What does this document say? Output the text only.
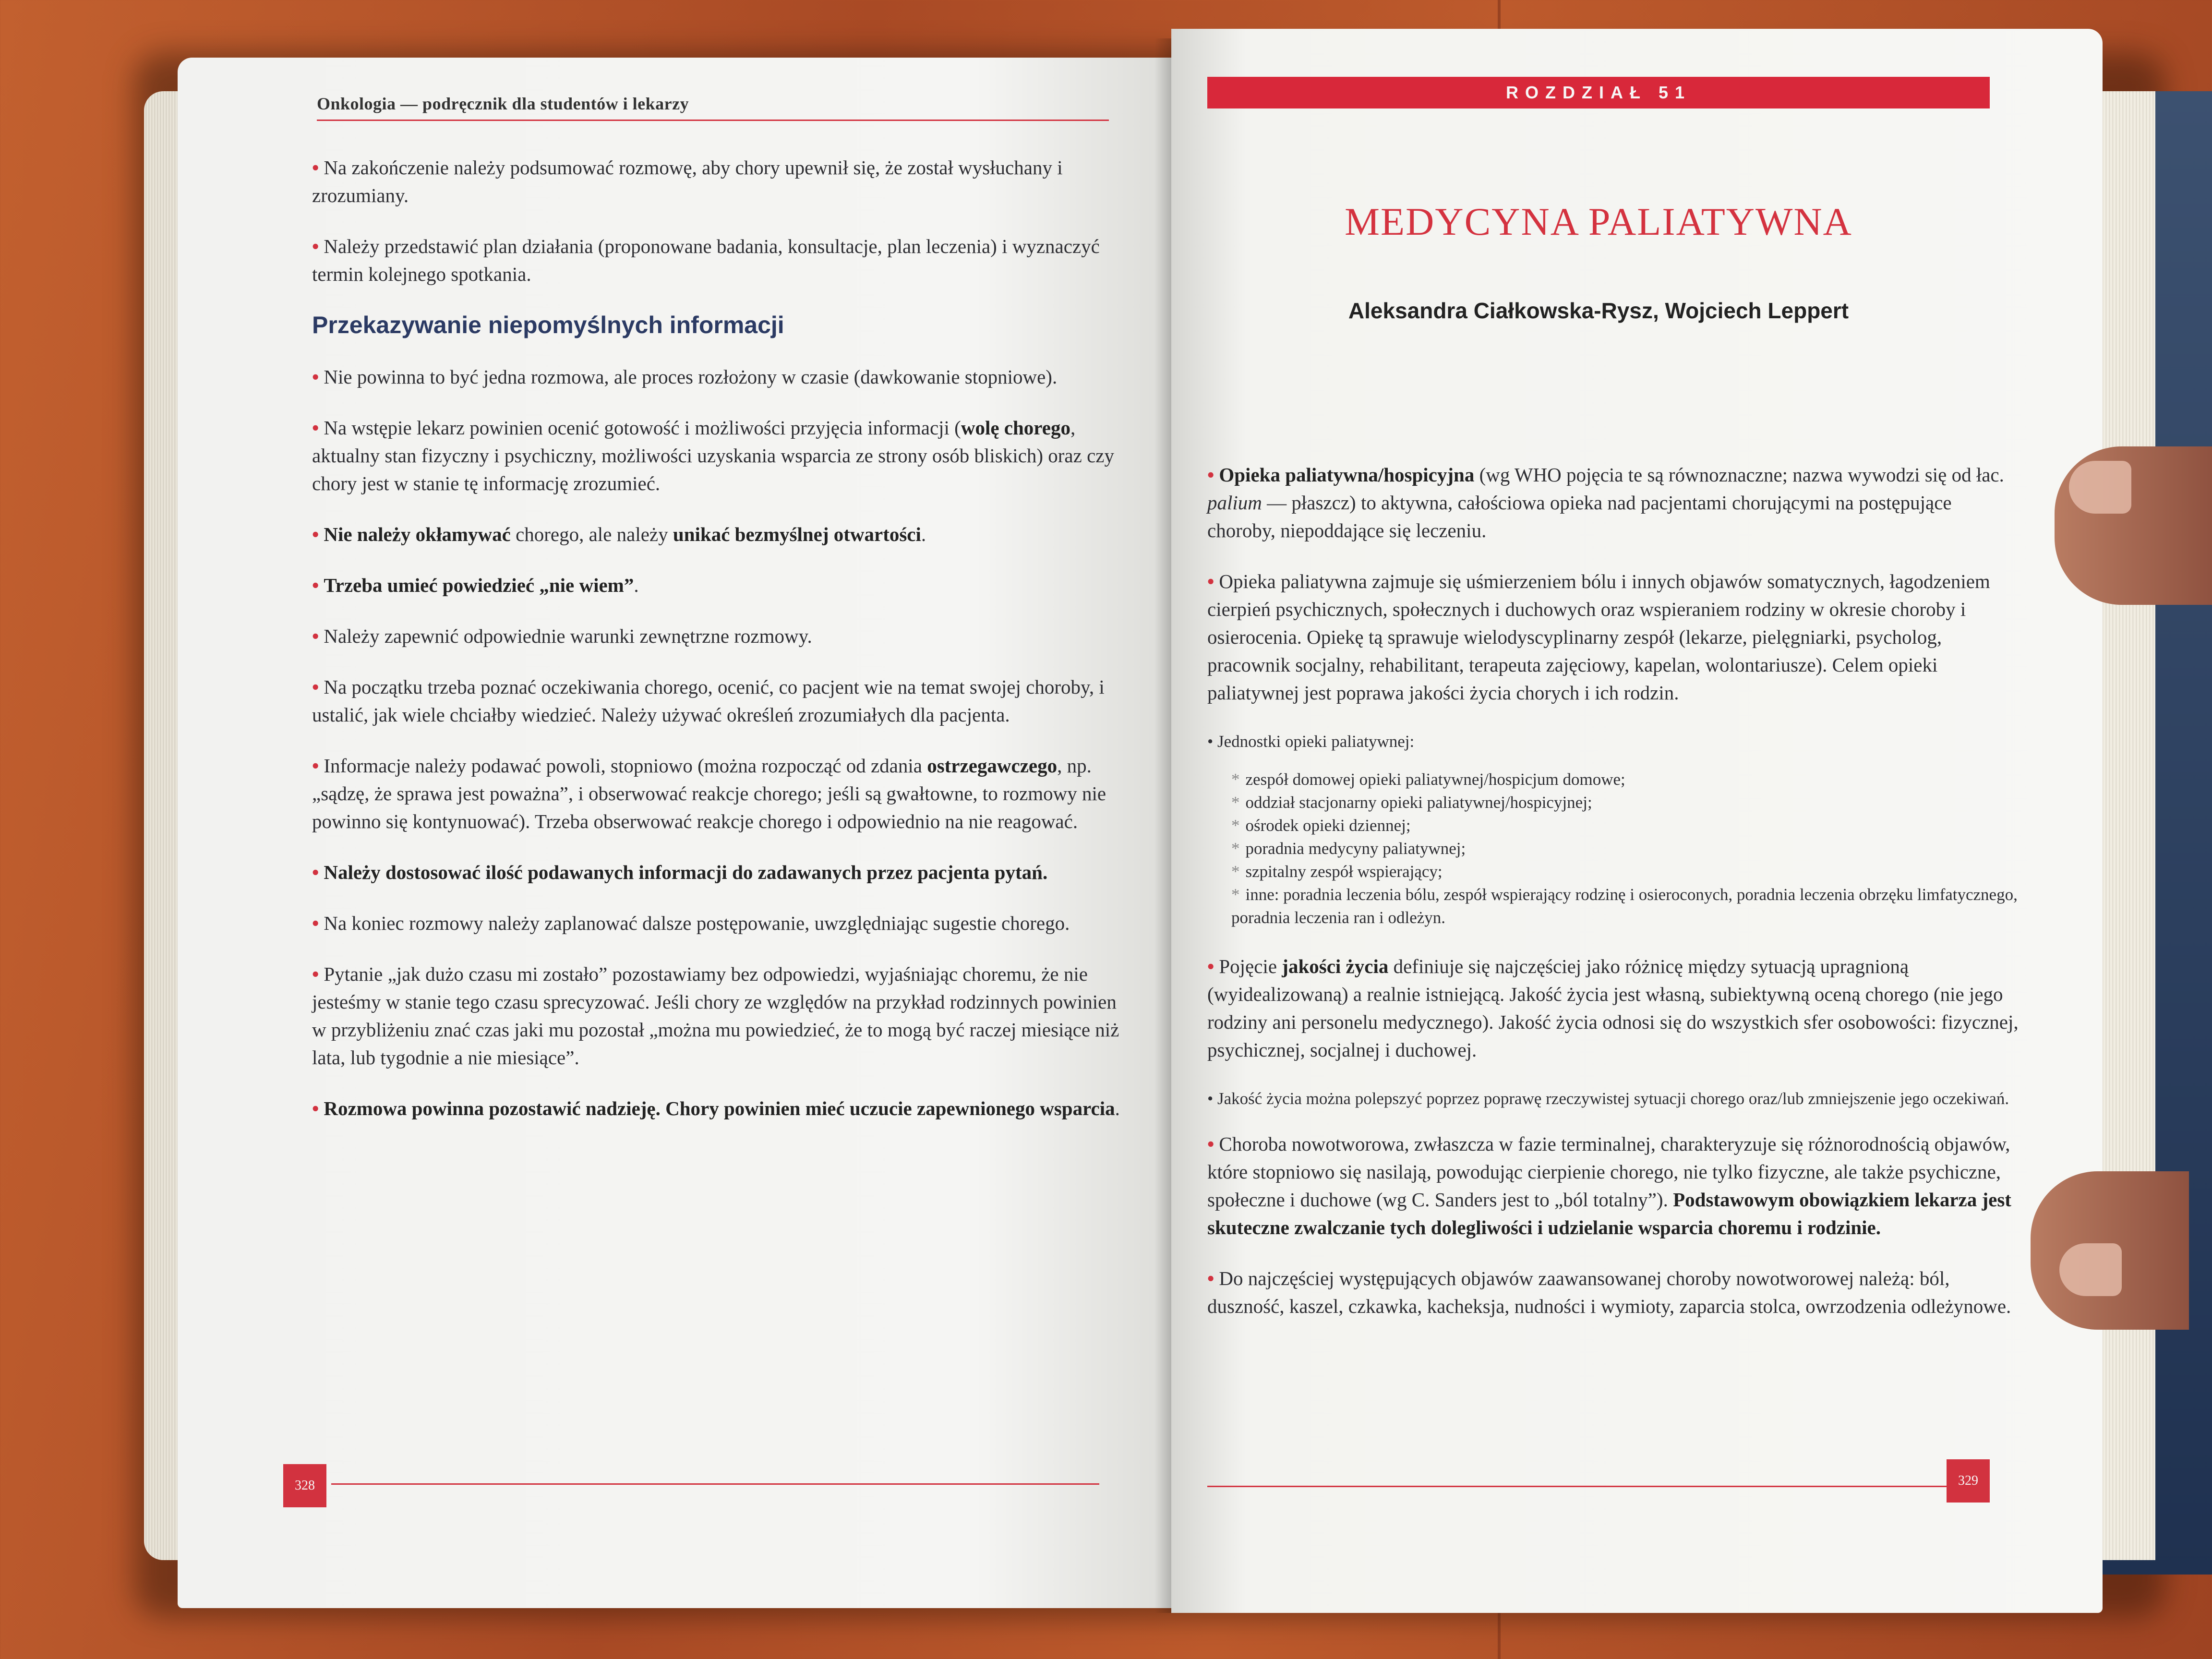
Onkologia — podręcznik dla studentów i lekarzy

• Na zakończenie należy podsumować rozmowę, aby chory upewnił się, że został wysłuchany i zrozumiany.

• Należy przedstawić plan działania (proponowane badania, konsultacje, plan leczenia) i wyznaczyć termin kolejnego spotkania.

Przekazywanie niepomyślnych informacji

• Nie powinna to być jedna rozmowa, ale proces rozłożony w czasie (dawkowanie stopniowe).

• Na wstępie lekarz powinien ocenić gotowość i możliwości przyjęcia informacji (wolę chorego, aktualny stan fizyczny i psychiczny, możliwości uzyskania wsparcia ze strony osób bliskich) oraz czy chory jest w stanie tę informację zrozumieć.

• Nie należy okłamywać chorego, ale należy unikać bezmyślnej otwartości.

• Trzeba umieć powiedzieć „nie wiem”.

• Należy zapewnić odpowiednie warunki zewnętrzne rozmowy.

• Na początku trzeba poznać oczekiwania chorego, ocenić, co pacjent wie na temat swojej choroby, i ustalić, jak wiele chciałby wiedzieć. Należy używać określeń zrozumiałych dla pacjenta.

• Informacje należy podawać powoli, stopniowo (można rozpocząć od zdania ostrzegawczego, np. „sądzę, że sprawa jest poważna”, i obserwować reakcje chorego; jeśli są gwałtowne, to rozmowy nie powinno się kontynuować). Trzeba obserwować reakcje chorego i odpowiednio na nie reagować.

• Należy dostosować ilość podawanych informacji do zadawanych przez pacjenta pytań.

• Na koniec rozmowy należy zaplanować dalsze postępowanie, uwzględniając sugestie chorego.

• Pytanie „jak dużo czasu mi zostało” pozostawiamy bez odpowiedzi, wyjaśniając choremu, że nie jesteśmy w stanie tego czasu sprecyzować. Jeśli chory ze względów na przykład rodzinnych powinien w przybliżeniu znać czas jaki mu pozostał „można mu powiedzieć, że to mogą być raczej miesiące niż lata, lub tygodnie a nie miesiące”.

• Rozmowa powinna pozostawić nadzieję. Chory powinien mieć uczucie zapewnionego wsparcia.

328
ROZDZIAŁ 51
MEDYCYNA PALIATYWNA
Aleksandra Ciałkowska-Rysz, Wojciech Leppert

• Opieka paliatywna/hospicyjna (wg WHO pojęcia te są równoznaczne; nazwa wywodzi się od łac. palium — płaszcz) to aktywna, całościowa opieka nad pacjentami chorującymi na postępujące choroby, niepoddające się leczeniu.

• Opieka paliatywna zajmuje się uśmierzeniem bólu i innych objawów somatycznych, łagodzeniem cierpień psychicznych, społecznych i duchowych oraz wspieraniem rodziny w okresie choroby i osierocenia. Opiekę tą sprawuje wielodyscyplinarny zespół (lekarze, pielęgniarki, psycholog, pracownik socjalny, rehabilitant, terapeuta zajęciowy, kapelan, wolontariusze). Celem opieki paliatywnej jest poprawa jakości życia chorych i ich rodzin.

• Jednostki opieki paliatywnej:

* zespół domowej opieki paliatywnej/hospicjum domowe;
* oddział stacjonarny opieki paliatywnej/hospicyjnej;
* ośrodek opieki dziennej;
* poradnia medycyny paliatywnej;
* szpitalny zespół wspierający;
* inne: poradnia leczenia bólu, zespół wspierający rodzinę i osieroconych, poradnia leczenia obrzęku limfatycznego, poradnia leczenia ran i odleżyn.

• Pojęcie jakości życia definiuje się najczęściej jako różnicę między sytuacją upragnioną (wyidealizowaną) a realnie istniejącą. Jakość życia jest własną, subiektywną oceną chorego (nie jego rodziny ani personelu medycznego). Jakość życia odnosi się do wszystkich sfer osobowości: fizycznej, psychicznej, socjalnej i duchowej.

• Jakość życia można polepszyć poprzez poprawę rzeczywistej sytuacji chorego oraz/lub zmniejszenie jego oczekiwań.

• Choroba nowotworowa, zwłaszcza w fazie terminalnej, charakteryzuje się różnorodnością objawów, które stopniowo się nasilają, powodując cierpienie chorego, nie tylko fizyczne, ale także psychiczne, społeczne i duchowe (wg C. Sanders jest to „ból totalny”). Podstawowym obowiązkiem lekarza jest skuteczne zwalczanie tych dolegliwości i udzielanie wsparcia choremu i rodzinie.

• Do najczęściej występujących objawów zaawansowanej choroby nowotworowej należą: ból, duszność, kaszel, czkawka, kacheksja, nudności i wymioty, zaparcia stolca, owrzodzenia odleżynowe.

329
